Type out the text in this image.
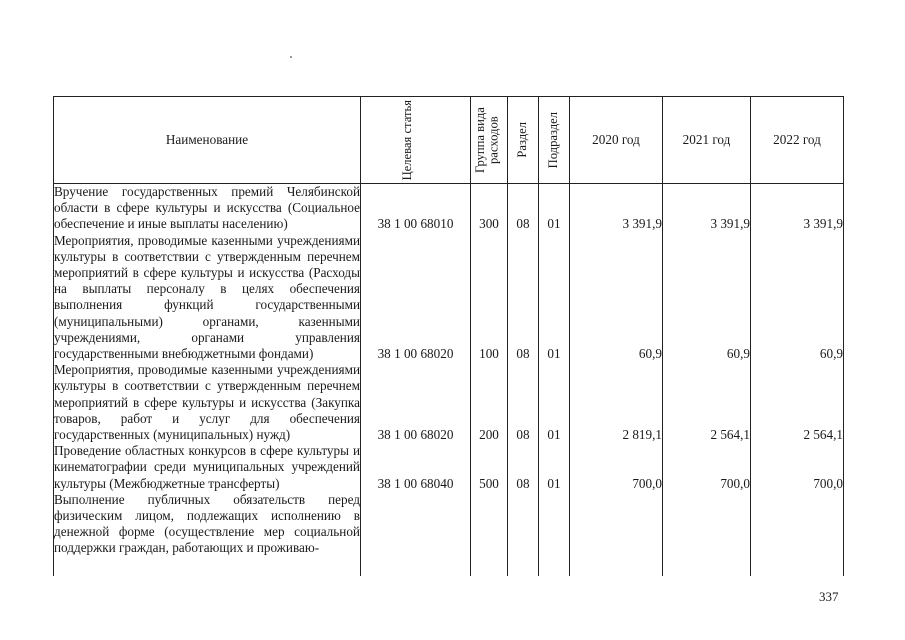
Наименование	Целевая статья	Группа вида расходов	Раздел	Подраздел	2020 год	2021 год	2022 год
Вручение государственных премий Челябинской области в сфере культуры и искусства (Социальное обеспечение и иные выплаты населению)	38 1 00 68010	300	08	01	3 391,9	3 391,9	3 391,9
Мероприятия, проводимые казенными учреждениями культуры в соответствии с утвержденным перечнем мероприятий в сфере культуры и искусства (Расходы на выплаты персоналу в целях обеспечения выполнения функций государственными (муниципальными) органами, казенными учреждениями, органами управления государственными внебюджетными фондами)	38 1 00 68020	100	08	01	60,9	60,9	60,9
Мероприятия, проводимые казенными учреждениями культуры в соответствии с утвержденным перечнем мероприятий в сфере культуры и искусства (Закупка товаров, работ и услуг для обеспечения государственных (муниципальных) нужд)	38 1 00 68020	200	08	01	2 819,1	2 564,1	2 564,1
Проведение областных конкурсов в сфере культуры и кинематографии среди муниципальных учреждений культуры (Межбюджетные трансферты)	38 1 00 68040	500	08	01	700,0	700,0	700,0
Выполнение публичных обязательств перед физическим лицом, подлежащих исполнению в денежной форме (осуществление мер социальной поддержки граждан, работающих и проживаю-							
337
